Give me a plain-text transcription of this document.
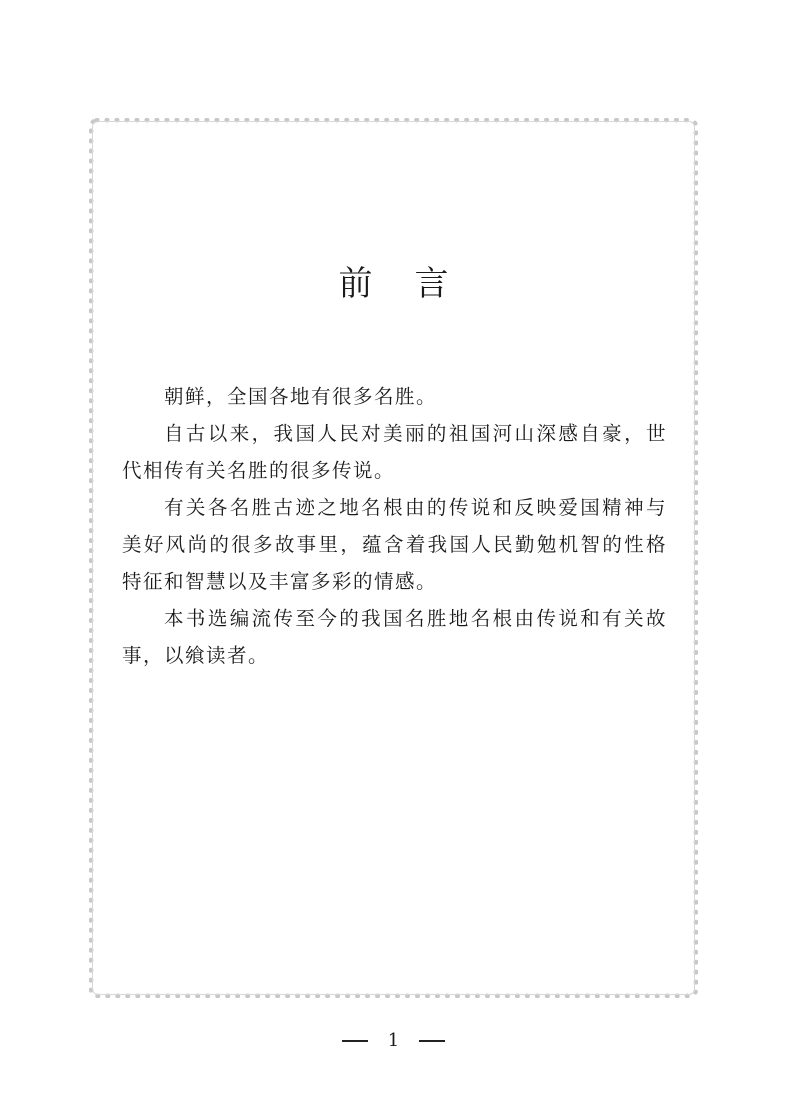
前言

朝鲜，全国各地有很多名胜。

自古以来，我国人民对美丽的祖国河山深感自豪，世代相传有关名胜的很多传说。

有关各名胜古迹之地名根由的传说和反映爱国精神与美好风尚的很多故事里，蕴含着我国人民勤勉机智的性格特征和智慧以及丰富多彩的情感。

本书选编流传至今的我国名胜地名根由传说和有关故事，以飨读者。

1
